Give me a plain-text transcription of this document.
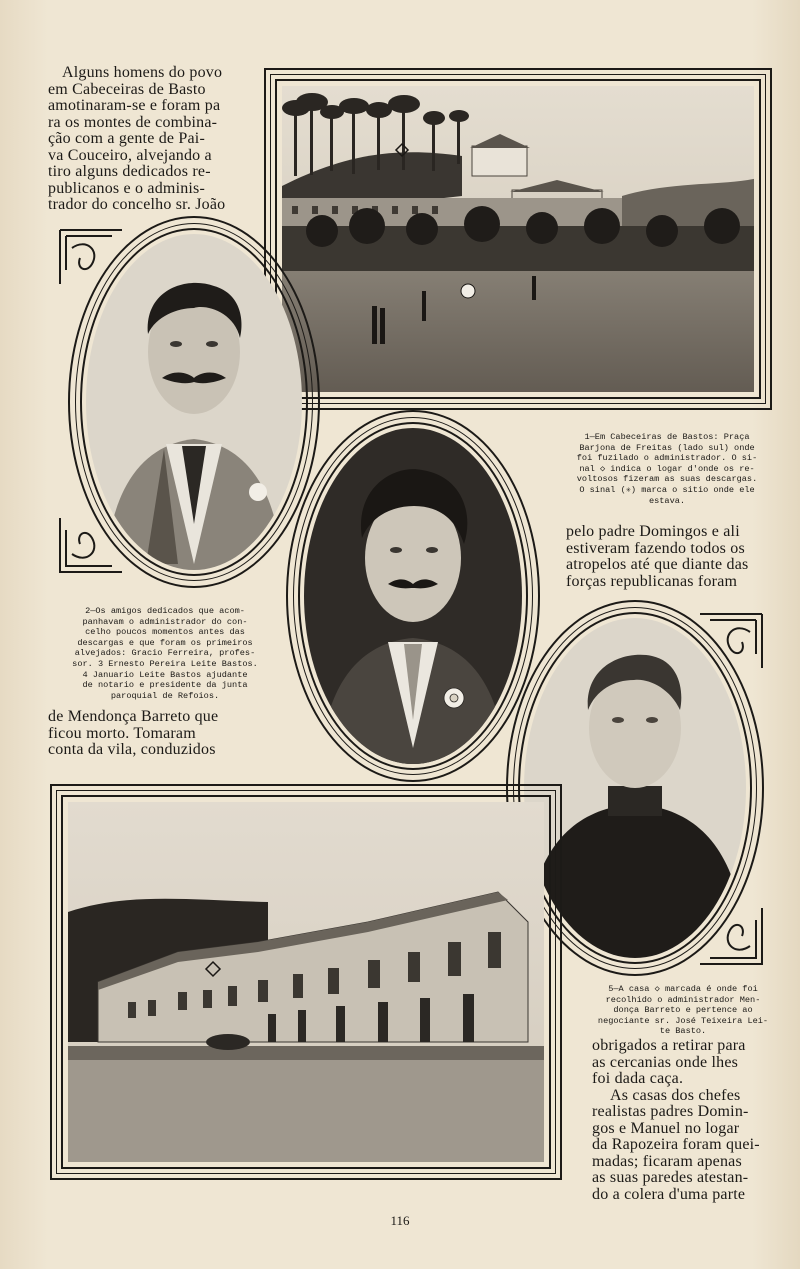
Alguns homens do povo
em Cabeceiras de Basto
amotinaram-se e foram pa
ra os montes de combina-
ção com a gente de Pai-
va Couceiro, alvejando a
tiro alguns dedicados re-
publicanos e o adminis-
trador do concelho sr. João
1—Em Cabeceiras de Bastos: Praça
Barjona de Freitas (lado sul) onde
foi fuzilado o administrador. O si-
nal ◇ indica o logar d'onde os re-
voltosos fizeram as suas descargas.
O sinal (✳) marca o sitio onde ele
estava.
2—Os amigos dedicados que acom-
panhavam o administrador do con-
celho poucos momentos antes das
descargas e que foram os primeiros
alvejados: Gracio Ferreira, profes-
sor. 3 Ernesto Pereira Leite Bastos.
4 Januario Leite Bastos ajudante
de notario e presidente da junta
paroquial de Refoios.
de Mendonça Barreto que
ficou morto. Tomaram
conta da vila, conduzidos
pelo padre Domingos e ali
estiveram fazendo todos os
atropelos até que diante das
forças republicanas foram
5—A casa ◇ marcada é onde foi
recolhido o administrador Men-
donça Barreto e pertence ao
negociante sr. José Teixeira Lei-
te Basto.
obrigados a retirar para
as cercanias onde lhes
foi dada caça.
As casas dos chefes
realistas padres Domin-
gos e Manuel no logar
da Rapozeira foram quei-
madas; ficaram apenas
as suas paredes atestan-
do a colera d'uma parte
116
